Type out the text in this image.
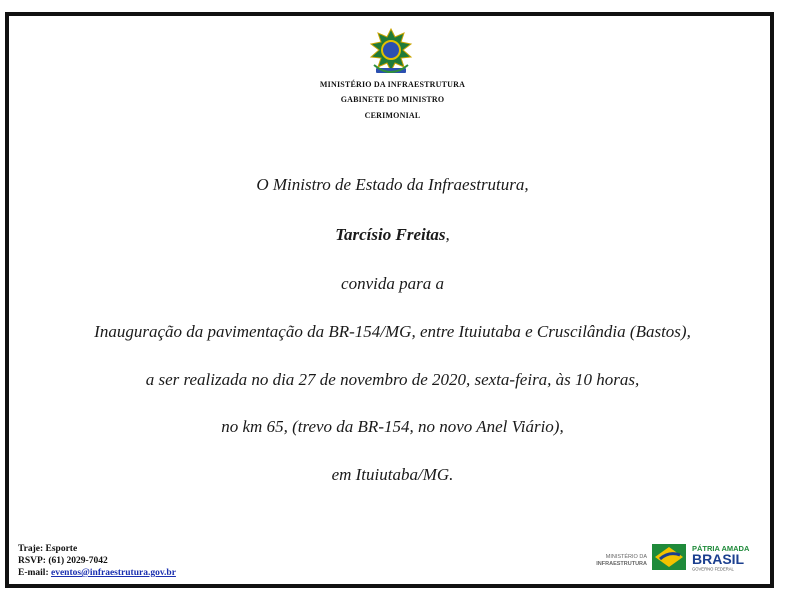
MINISTÉRIO DA INFRAESTRUTURA
GABINETE DO MINISTRO
CERIMONIAL
O Ministro de Estado da Infraestrutura,
Tarcísio Freitas,
convida para a
Inauguração da pavimentação da BR-154/MG, entre Ituiutaba e Cruscilândia (Bastos),
a ser realizada no dia 27 de novembro de 2020, sexta-feira, às 10 horas,
no km 65, (trevo da BR-154, no novo Anel Viário),
em Ituiutaba/MG.
Traje: Esporte
RSVP: (61) 2029-7042
E-mail: eventos@infraestrutura.gov.br
MINISTÉRIO DA
INFRAESTRUTURA
PÁTRIA AMADA
BRASIL
GOVERNO FEDERAL
